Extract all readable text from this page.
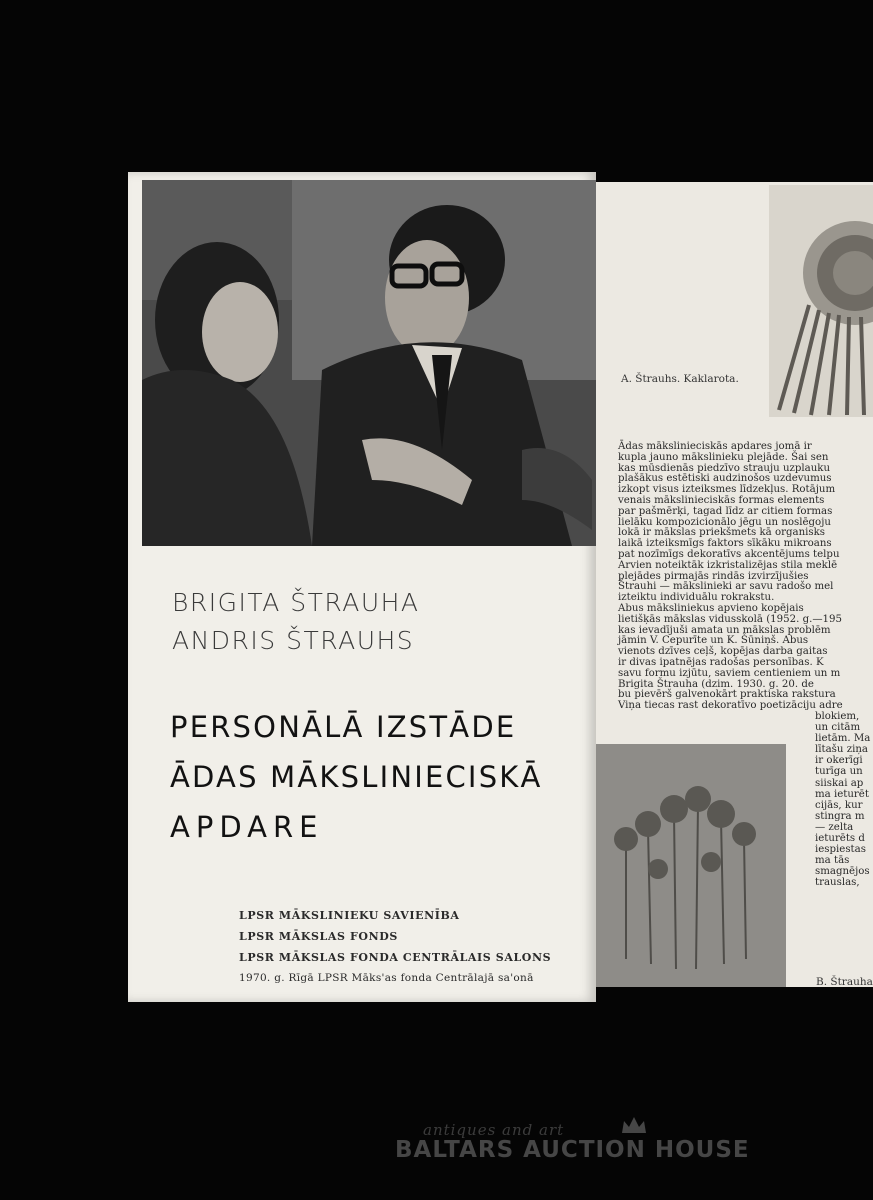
BRIGITA ŠTRAUHA
ANDRIS ŠTRAUHS
PERSONĀLĀ IZSTĀDE
ĀDAS MĀKSLINIECISKĀ
APDARE
LPSR MĀKSLINIEKU SAVIENĪBA
LPSR MĀKSLAS FONDS
LPSR MĀKSLAS FONDA CENTRĀLAIS SALONS
1970. g. Rīgā LPSR Māks'as fonda Centrālajā sa'onā
A. Štrauhs. Kaklarota.
Ādas mākslinieciskās apdares jomā ir
kupla jauno mākslinieku plejāde. Šai sen
kas mūsdienās piedzīvo strauju uzplauku
plašākus estētiski audzinošos uzdevumus
izkopt visus izteiksmes līdzekļus. Rotājum
venais mākslinieciskās formas elements
par pašmērķi, tagad līdz ar citiem formas
lielāku kompozicionālo jēgu un noslēgoju
lokā ir mākslas priekšmets kā organisks
laikā izteiksmīgs faktors sīkāku mikroans
pat nozīmīgs dekoratīvs akcentējums telpu
Arvien noteiktāk izkristalizējas stila meklē
plejādes pirmajās rindās izvirzījušies
Štrauhi — mākslinieki ar savu radošo mel
izteiktu individuālu rokrakstu.
Abus māksliniekus apvieno kopējais
lietišķās mākslas vidusskolā (1952. g.—195
kas ievadījuši amata un mākslas problēm
jāmin V. Cepurīte un K. Šūniņš. Abus
vienots dzīves ceļš, kopējas darba gaitas
ir divas ipatnējas radošas personības. K
savu formu izjūtu, saviem centieniem un m
Brigita Štrauha (dzim. 1930. g. 20. de
bu pievērš galvenokārt praktiska rakstura
Viņa tiecas rast dekoratīvo poetizāciju adre
blokiem,
un citām
lietām. Ma
lītašu ziņa
ir okerīgi
turīga un
siiskai ap
ma ieturēt
cijās, kur
stingra m
— zelta
ieturēts d
iespiestas
ma tās
smagnējos
trauslas,
B. Štrauha
antiques and art
BALTARS AUCTION HOUSE
